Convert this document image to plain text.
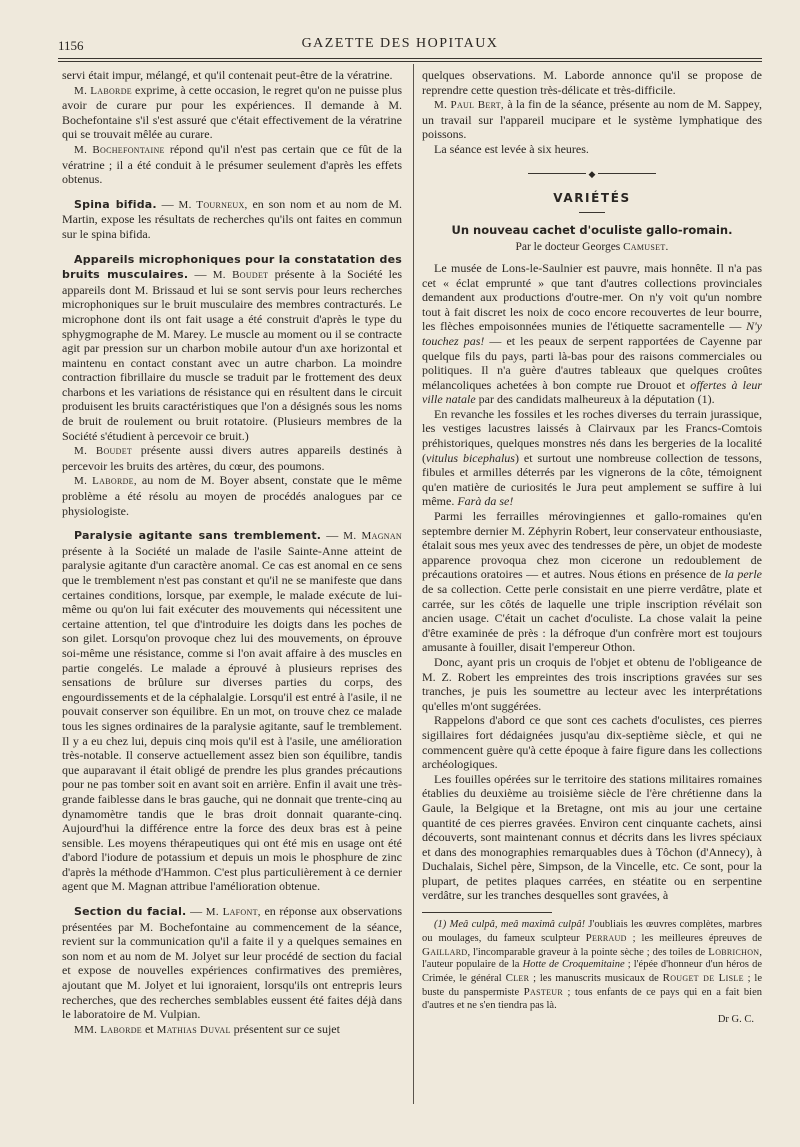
1156	GAZETTE DES HOPITAUX

servi était impur, mélangé, et qu'il contenait peut-être de la vératrine.

M. Laborde exprime, à cette occasion, le regret qu'on ne puisse plus avoir de curare pur pour les expériences. Il demande à M. Bochefontaine s'il s'est assuré que c'était effectivement de la vératrine qui se trouvait mêlée au curare.

M. Bochefontaine répond qu'il n'est pas certain que ce fût de la vératrine ; il a été conduit à le présumer seulement d'après les effets obtenus.

Spina bifida. — M. Tourneux, en son nom et au nom de M. Martin, expose les résultats de recherches qu'ils ont faites en commun sur le spina bifida.

Appareils microphoniques pour la constatation des bruits musculaires. — M. Boudet présente à la Société les appareils dont M. Brissaud et lui se sont servis pour leurs recherches microphoniques sur le bruit musculaire des membres contracturés. Le microphone dont ils ont fait usage a été construit d'après le type du sphygmographe de M. Marey. Le muscle au moment ou il se contracte agit par pression sur un charbon mobile autour d'un axe horizontal et maintenu en contact constant avec un autre charbon. La moindre contraction fibrillaire du muscle se traduit par le frottement des deux charbons et les variations de résistance qui en résultent dans le circuit produisent les bruits caractéristiques que l'on a désignés sous les noms de bruit de roulement ou bruit rotatoire. (Plusieurs membres de la Société s'étudient à percevoir ce bruit.)

M. Boudet présente aussi divers autres appareils destinés à percevoir les bruits des artères, du cœur, des poumons.

M. Laborde, au nom de M. Boyer absent, constate que le même problème a été résolu au moyen de procédés analogues par ce physiologiste.

Paralysie agitante sans tremblement. — M. Magnan présente à la Société un malade de l'asile Sainte-Anne atteint de paralysie agitante d'un caractère anomal. Ce cas est anomal en ce sens que le tremblement n'est pas constant et qu'il ne se manifeste que dans certaines conditions, lorsque, par exemple, le malade exécute de lui-même ou qu'on lui fait exécuter des mouvements qui nécessitent une certaine attention, tel que d'introduire les doigts dans les poches de son gilet. Lorsqu'on provoque chez lui des mouvements, on éprouve soi-même une résistance, comme si l'on avait affaire à des muscles en partie congelés. Le malade a éprouvé à plusieurs reprises des sensations de brûlure sur diverses parties du corps, des engourdissements et de la céphalalgie. Lorsqu'il est entré à l'asile, il ne pouvait conserver son équilibre. En un mot, on trouve chez ce malade tous les signes ordinaires de la paralysie agitante, sauf le tremblement. Il y a eu chez lui, depuis cinq mois qu'il est à l'asile, une amélioration très-notable. Il conserve actuellement assez bien son équilibre, tandis que auparavant il était obligé de prendre les plus grandes précautions pour ne pas tomber soit en avant soit en arrière. Enfin il avait une très-grande faiblesse dans le bras gauche, qui ne donnait que trente-cinq au dynamomètre tandis que le bras droit donnait quarante-cinq. Aujourd'hui la différence entre la force des deux bras est à peine sensible. Les moyens thérapeutiques qui ont été mis en usage ont été d'abord l'iodure de potassium et depuis un mois le phosphure de zinc d'après la méthode d'Hammon. C'est plus particulièrement à ce dernier agent que M. Magnan attribue l'amélioration obtenue.

Section du facial. — M. Lafont, en réponse aux observations présentées par M. Bochefontaine au commencement de la séance, revient sur la communication qu'il a faite il y a quelques semaines en son nom et au nom de M. Jolyet sur leur procédé de section du facial et expose de nouvelles expériences confirmatives des premières, ajoutant que M. Jolyet et lui ignoraient, lorsqu'ils ont entrepris leurs recherches, que des recherches semblables eussent été faites déjà dans le laboratoire de M. Vulpian.

MM. Laborde et Mathias Duval présentent sur ce sujet

quelques observations. M. Laborde annonce qu'il se propose de reprendre cette question très-délicate et très-difficile.

M. Paul Bert, à la fin de la séance, présente au nom de M. Sappey, un travail sur l'appareil mucipare et le système lymphatique des poissons.

La séance est levée à six heures.

◆
VARIÉTÉS
Un nouveau cachet d'oculiste gallo-romain.
Par le docteur Georges Camuset.

Le musée de Lons-le-Saulnier est pauvre, mais honnête. Il n'a pas cet « éclat emprunté » que tant d'autres collections provinciales demandent aux productions d'outre-mer. On n'y voit qu'un nombre tout à fait discret les noix de coco encore recouvertes de leur bourre, les flèches empoisonnées munies de l'étiquette sacramentelle — N'y touchez pas! — et les peaux de serpent rapportées de Cayenne par quelque fils du pays, parti là-bas pour des raisons commerciales ou politiques. Il n'a guère d'autres tableaux que quelques croûtes mélancoliques achetées à bon compte rue Drouot et offertes à leur ville natale par des candidats malheureux à la députation (1).

En revanche les fossiles et les roches diverses du terrain jurassique, les vestiges lacustres laissés à Clairvaux par les Francs-Comtois préhistoriques, quelques monstres nés dans les bergeries de la localité (vitulus bicephalus) et surtout une nombreuse collection de tessons, fibules et armilles déterrés par les vignerons de la côte, témoignent qu'en matière de curiosités le Jura peut amplement se suffire à lui même. Farà da se!

Parmi les ferrailles mérovingiennes et gallo-romaines qu'en septembre dernier M. Zéphyrin Robert, leur conservateur enthousiaste, étalait sous mes yeux avec des tendresses de père, un objet de modeste apparence provoqua chez mon cicerone un redoublement de précautions oratoires — et autres. Nous étions en présence de la perle de sa collection. Cette perle consistait en une pierre verdâtre, plate et carrée, sur les côtés de laquelle une triple inscription révélait son ancien usage. C'était un cachet d'oculiste. La chose valait la peine d'être examinée de près : la défroque d'un confrère mort est toujours amusante à fouiller, disait l'empereur Othon.

Donc, ayant pris un croquis de l'objet et obtenu de l'obligeance de M. Z. Robert les empreintes des trois inscriptions gravées sur ses tranches, je puis les soumettre au lecteur avec les interprétations qu'elles m'ont suggérées.

Rappelons d'abord ce que sont ces cachets d'oculistes, ces pierres sigillaires fort dédaignées jusqu'au dix-septième siècle, et qui ne commencent guère qu'à cette époque à faire figure dans les collections archéologiques.

Les fouilles opérées sur le territoire des stations militaires romaines établies du deuxième au troisième siècle de l'ère chrétienne dans la Gaule, la Belgique et la Bretagne, ont mis au jour une certaine quantité de ces pierres gravées. Environ cent cinquante cachets, ainsi découverts, sont maintenant connus et décrits dans les livres spéciaux et dans des monographies remarquables dues à Tôchon (d'Annecy), à Duchalais, Sichel père, Simpson, de la Vincelle, etc. Ce sont, pour la plupart, de petites plaques carrées, en stéatite ou en serpentine verdâtre, sur les tranches desquelles sont gravées, à

(1) Meâ culpâ, meâ maximâ culpâ! J'oubliais les œuvres complètes, marbres ou moulages, du fameux sculpteur Perraud ; les meilleures épreuves de Gaillard, l'incomparable graveur à la pointe sèche ; des toiles de Lobrichon, l'auteur populaire de la Hotte de Croquemitaine ; l'épée d'honneur d'un héros de Crimée, le général Cler ; les manuscrits musicaux de Rouget de Lisle ; le buste du panspermiste Pasteur ; tous enfants de ce pays qui en a fait bien d'autres et ne s'en tiendra pas là.

Dr G. C.
